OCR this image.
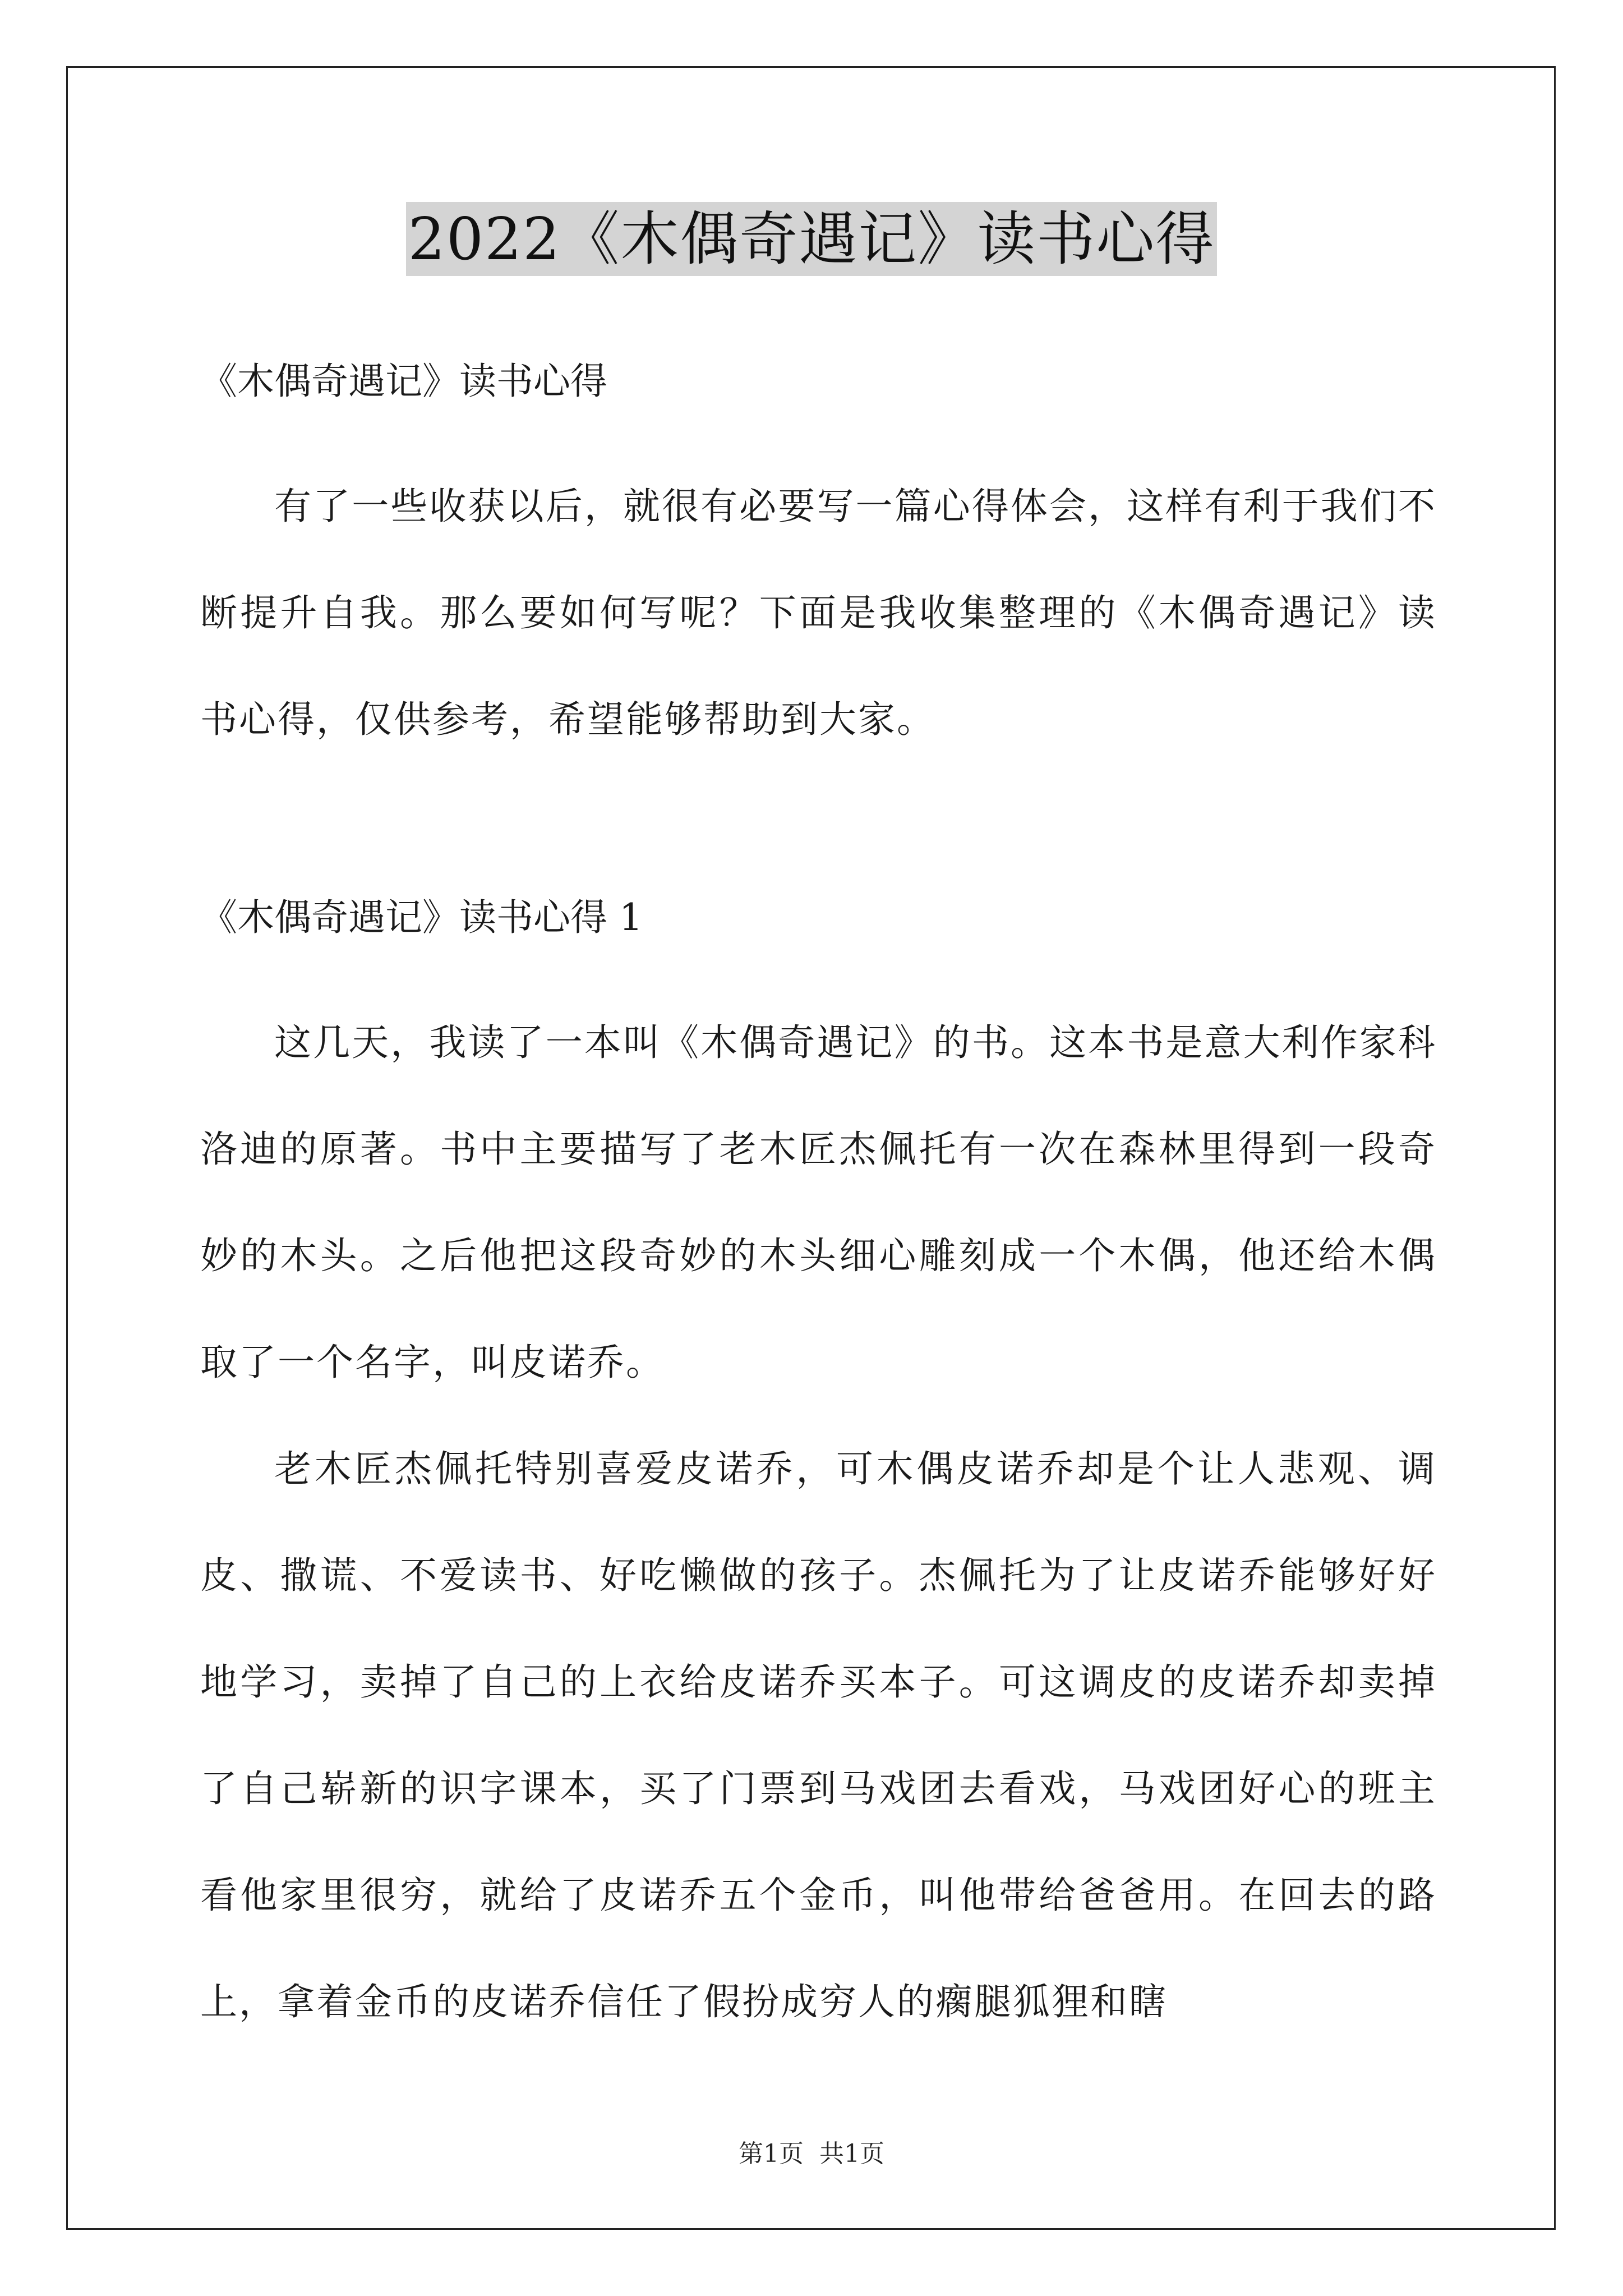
2022《木偶奇遇记》读书心得

《木偶奇遇记》读书心得

有了一些收获以后，就很有必要写一篇心得体会，这样有利于我们不断提升自我。那么要如何写呢？下面是我收集整理的《木偶奇遇记》读书心得，仅供参考，希望能够帮助到大家。

《木偶奇遇记》读书心得 1

这几天，我读了一本叫《木偶奇遇记》的书。这本书是意大利作家科洛迪的原著。书中主要描写了老木匠杰佩托有一次在森林里得到一段奇妙的木头。之后他把这段奇妙的木头细心雕刻成一个木偶，他还给木偶取了一个名字，叫皮诺乔。

老木匠杰佩托特别喜爱皮诺乔，可木偶皮诺乔却是个让人悲观、调皮、撒谎、不爱读书、好吃懒做的孩子。杰佩托为了让皮诺乔能够好好地学习，卖掉了自己的上衣给皮诺乔买本子。可这调皮的皮诺乔却卖掉了自己崭新的识字课本，买了门票到马戏团去看戏，马戏团好心的班主看他家里很穷，就给了皮诺乔五个金币，叫他带给爸爸用。在回去的路上，拿着金币的皮诺乔信任了假扮成穷人的瘸腿狐狸和瞎

第1页 共1页
